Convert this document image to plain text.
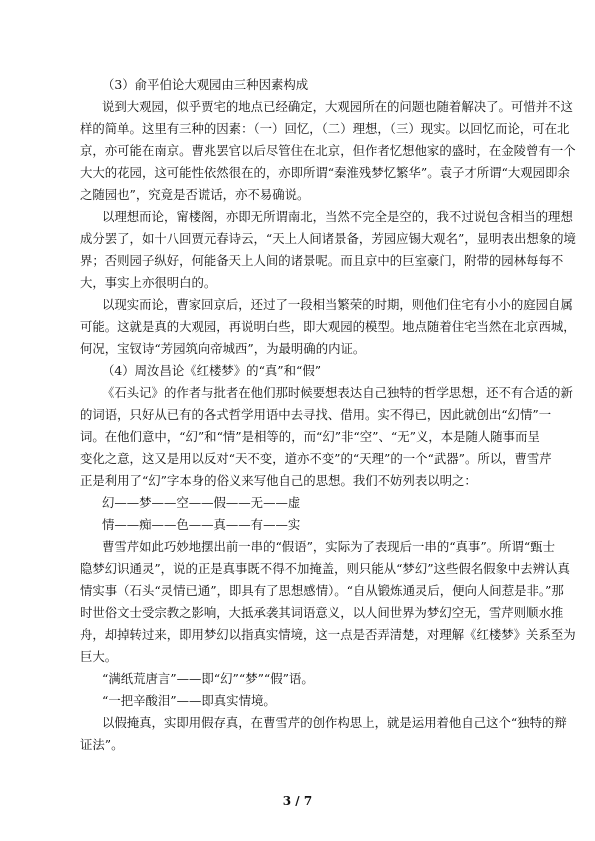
（3）俞平伯论大观园由三种因素构成
说到大观园，似乎贾宅的地点已经确定，大观园所在的问题也随着解决了。可惜并不这
样的简单。这里有三种的因素：（一）回忆，（二）理想，（三）现实。以回忆而论，可在北
京，亦可能在南京。曹兆罢官以后尽管住在北京，但作者忆想他家的盛时，在金陵曾有一个
大大的花园，这可能性依然很在的，亦即所谓“秦淮残梦忆繁华”。袁子才所谓“大观园即余
之随园也”，究竟是否谎话，亦不易确说。
以理想而论，甯楼阁，亦即无所谓南北，当然不完全是空的，我不过说包含相当的理想
成分罢了，如十八回贾元春诗云，“天上人间诸景备，芳园应锡大观名”，显明表出想象的境
界；否则园子纵好，何能备天上人间的诸景呢。而且京中的巨室豪门，附带的园林每每不
大，事实上亦很明白的。
以现实而论，曹家回京后，还过了一段相当繁荣的时期，则他们住宅有小小的庭园自属
可能。这就是真的大观园，再说明白些，即大观园的模型。地点随着住宅当然在北京西城，
何况，宝钗诗“芳园筑向帝城西”，为最明确的内证。
（4）周汝昌论《红楼梦》的“真”和“假”
《石头记》的作者与批者在他们那时候要想表达自己独特的哲学思想，还不有合适的新
的词语，只好从已有的各式哲学用语中去寻找、借用。实不得已，因此就创出“幻情”一
词。在他们意中，“幻”和“情”是相等的，而“幻”非“空”、“无”义，本是随人随事而呈
变化之意，这又是用以反对“天不变，道亦不变”的“天理”的一个“武器”。所以，曹雪芹
正是利用了“幻”字本身的俗义来写他自己的思想。我们不妨列表以明之：
幻——梦——空——假——无——虚
情——痴——色——真——有——实
曹雪芹如此巧妙地摆出前一串的“假语”，实际为了表现后一串的“真事”。所谓“甄士
隐梦幻识通灵”，说的正是真事既不得不加掩盖，则只能从“梦幻”这些假名假象中去辨认真
情实事（石头“灵情已通”，即具有了思想感情）。“自从锻炼通灵后，便向人间惹是非。”那
时世俗文士受宗教之影响，大抵承袭其词语意义，以人间世界为梦幻空无，雪芹则顺水推
舟，却掉转过来，即用梦幻以指真实情境，这一点是否弄清楚，对理解《红楼梦》关系至为
巨大。
“满纸荒唐言”——即“幻”“梦”“假”语。
“一把辛酸泪”——即真实情境。
以假掩真，实即用假存真，在曹雪芹的创作构思上，就是运用着他自己这个“独特的辩
证法”。
3 / 7
